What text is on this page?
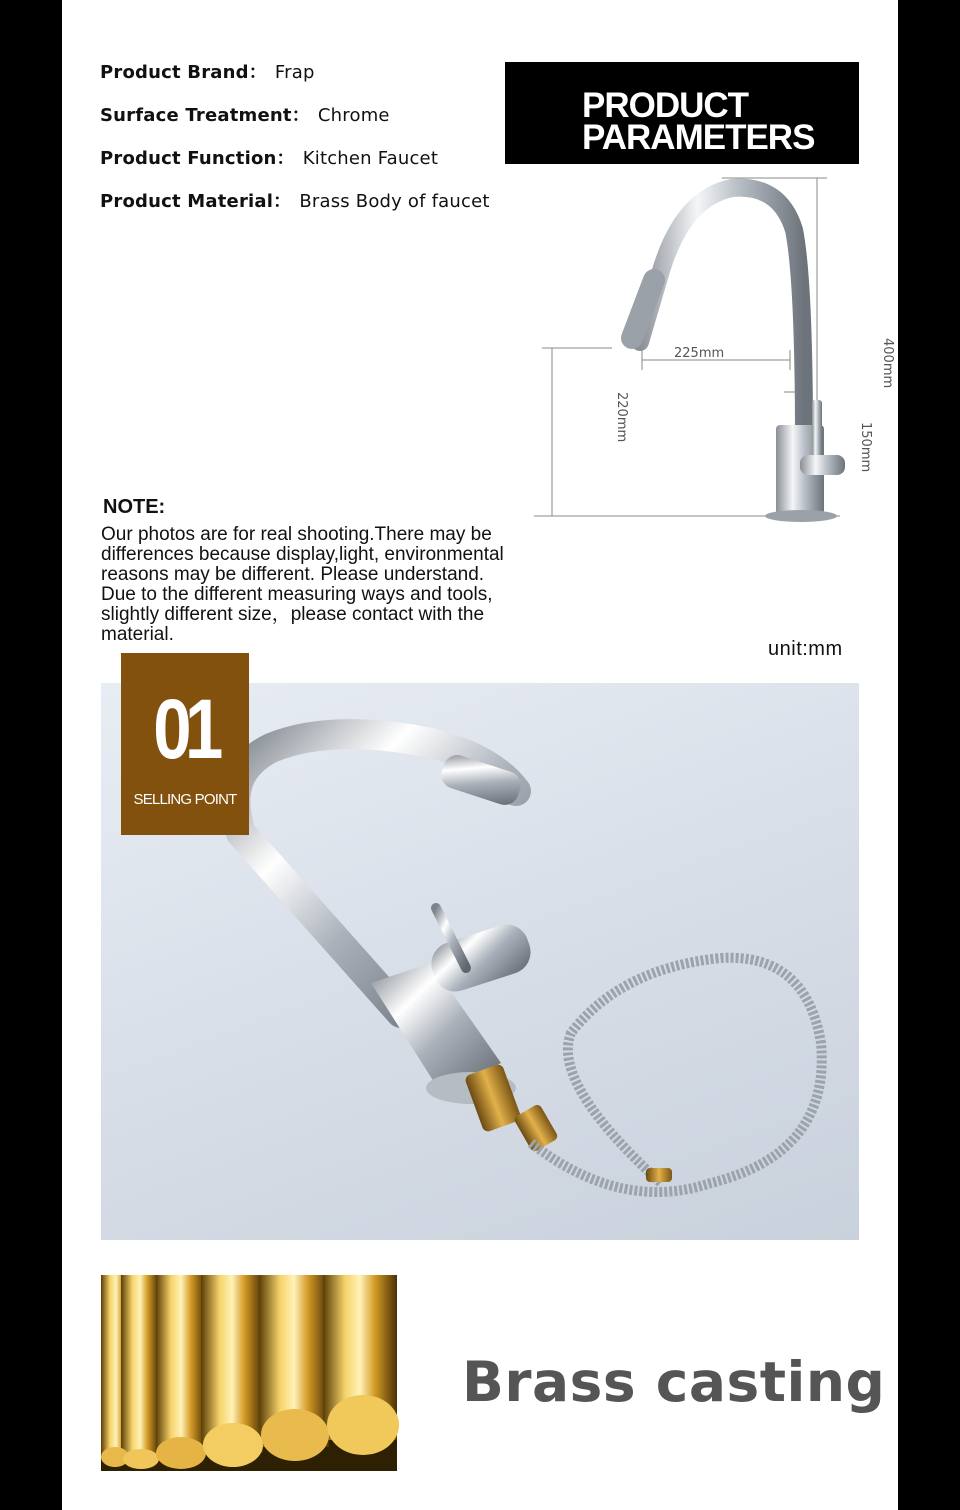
Product Brand： Frap
Surface Treatment： Chrome
Product Function： Kitchen Faucet
Product Material： Brass Body of faucet
PRODUCT
PARAMETERS
225mm
220mm
400mm
150mm
NOTE:
Our photos are for real shooting.There may be
differences because display,light, environmental
reasons may be different. Please understand.
Due to the different measuring ways and tools,
slightly different size，please contact with the
material.
unit:mm
01
SELLING POINT
Brass casting
